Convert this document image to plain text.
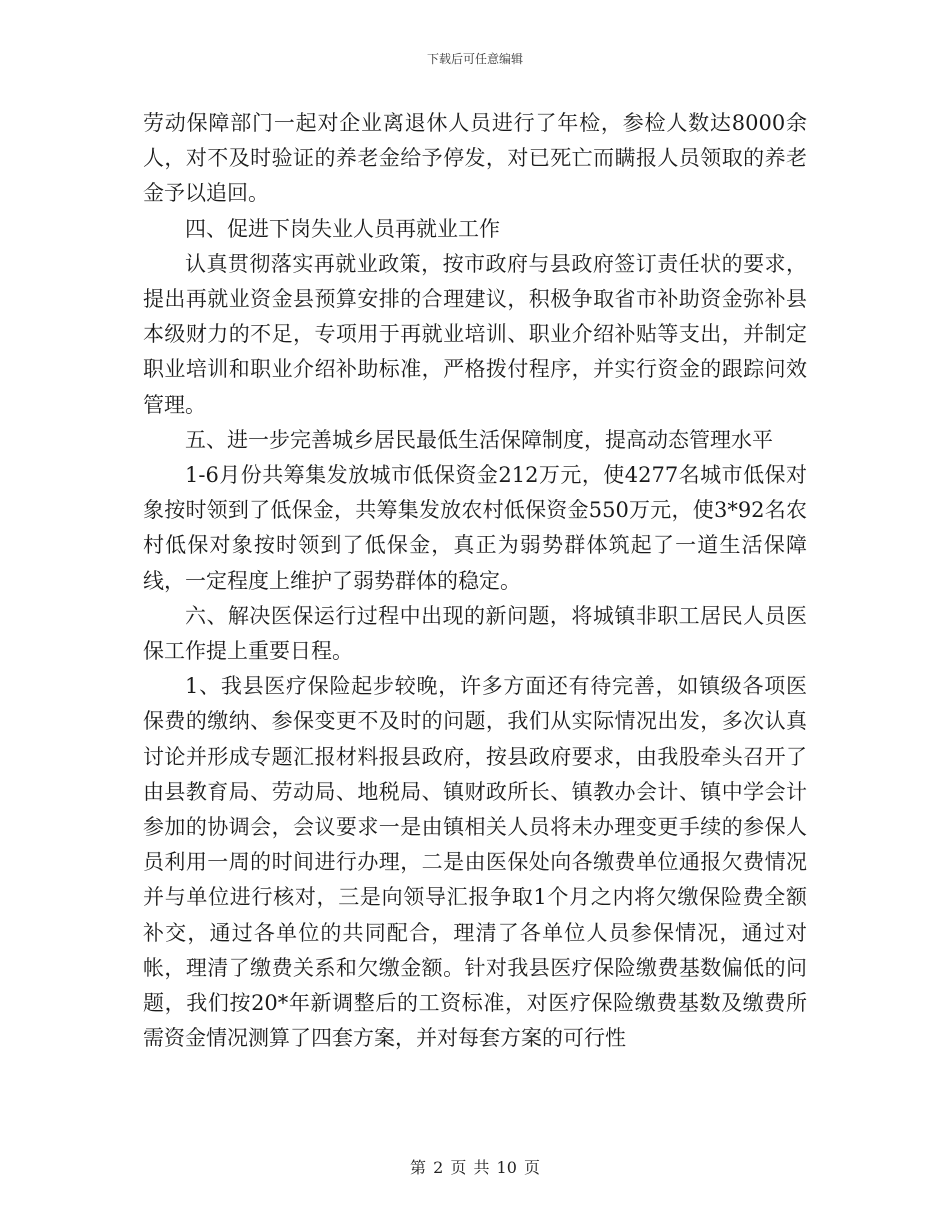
下载后可任意编辑

劳动保障部门一起对企业离退休人员进行了年检，参检人数达8000余人，对不及时验证的养老金给予停发，对已死亡而瞒报人员领取的养老金予以追回。

四、促进下岗失业人员再就业工作

认真贯彻落实再就业政策，按市政府与县政府签订责任状的要求，提出再就业资金县预算安排的合理建议，积极争取省市补助资金弥补县本级财力的不足，专项用于再就业培训、职业介绍补贴等支出，并制定职业培训和职业介绍补助标准，严格拨付程序，并实行资金的跟踪问效管理。

五、进一步完善城乡居民最低生活保障制度，提高动态管理水平

1-6月份共筹集发放城市低保资金212万元，使4277名城市低保对象按时领到了低保金，共筹集发放农村低保资金550万元，使3*92名农村低保对象按时领到了低保金，真正为弱势群体筑起了一道生活保障线，一定程度上维护了弱势群体的稳定。

六、解决医保运行过程中出现的新问题，将城镇非职工居民人员医保工作提上重要日程。

1、我县医疗保险起步较晚，许多方面还有待完善，如镇级各项医保费的缴纳、参保变更不及时的问题，我们从实际情况出发，多次认真讨论并形成专题汇报材料报县政府，按县政府要求，由我股牵头召开了由县教育局、劳动局、地税局、镇财政所长、镇教办会计、镇中学会计参加的协调会，会议要求一是由镇相关人员将未办理变更手续的参保人员利用一周的时间进行办理，二是由医保处向各缴费单位通报欠费情况并与单位进行核对，三是向领导汇报争取1个月之内将欠缴保险费全额补交，通过各单位的共同配合，理清了各单位人员参保情况，通过对帐，理清了缴费关系和欠缴金额。针对我县医疗保险缴费基数偏低的问题，我们按20*年新调整后的工资标准，对医疗保险缴费基数及缴费所需资金情况测算了四套方案，并对每套方案的可行性

第 2 页 共 10 页
